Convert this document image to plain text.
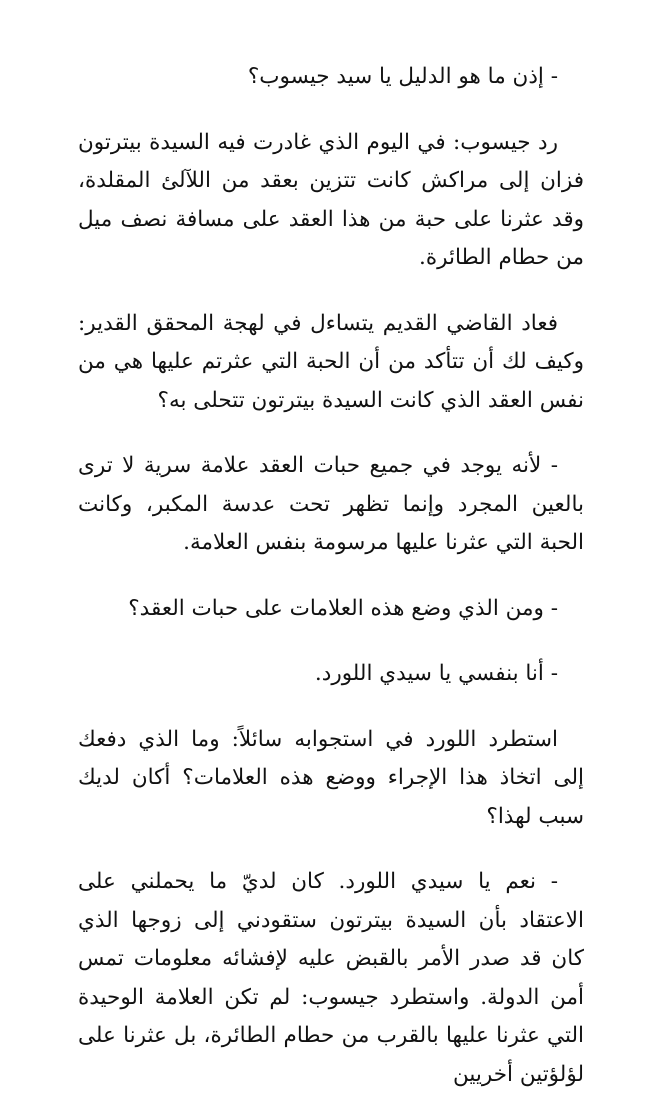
- إذن ما هو الدليل يا سيد جيسوب؟

رد جيسوب: في اليوم الذي غادرت فيه السيدة بيترتون فزان إلى مراكش كانت تتزين بعقد من اللآلئ المقلدة، وقد عثرنا على حبة من هذا العقد على مسافة نصف ميل من حطام الطائرة.

فعاد القاضي القديم يتساءل في لهجة المحقق القدير: وكيف لك أن تتأكد من أن الحبة التي عثرتم عليها هي من نفس العقد الذي كانت السيدة بيترتون تتحلى به؟

- لأنه يوجد في جميع حبات العقد علامة سرية لا ترى بالعين المجرد وإنما تظهر تحت عدسة المكبر، وكانت الحبة التي عثرنا عليها مرسومة بنفس العلامة.

- ومن الذي وضع هذه العلامات على حبات العقد؟

- أنا بنفسي يا سيدي اللورد.

استطرد اللورد في استجوابه سائلاً: وما الذي دفعك إلى اتخاذ هذا الإجراء ووضع هذه العلامات؟ أكان لديك سبب لهذا؟

- نعم يا سيدي اللورد. كان لديّ ما يحملني على الاعتقاد بأن السيدة بيترتون ستقودني إلى زوجها الذي كان قد صدر الأمر بالقبض عليه لإفشائه معلومات تمس أمن الدولة. واستطرد جيسوب: لم تكن العلامة الوحيدة التي عثرنا عليها بالقرب من حطام الطائرة، بل عثرنا على لؤلؤتين أخريين
